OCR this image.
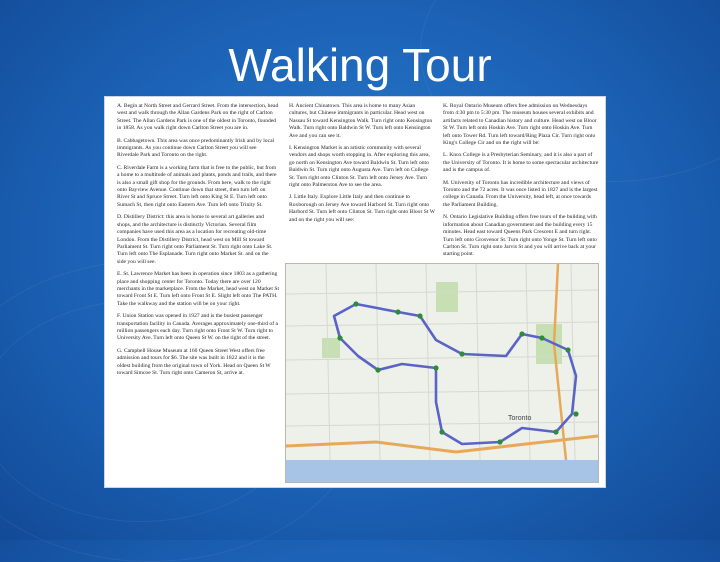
Walking Tour

A. Begin at North Street and Gerrard Street. From the intersection, head west and walk through the Allan Gardens Park on the right of Carlton Street. The Allan Gardens Park is one of the oldest in Toronto, founded in 1858. As you walk right down Carlton Street you are in.

B. Cabbagetown. This area was once predominantly Irish and by local immigrants. As you continue down Carlton Street you will see Riverdale Park and Toronto on the right.

C. Riverdale Farm is a working farm that is free to the public, but from a home to a multitude of animals and plants, ponds and trails, and there is also a small gift shop for the grounds. From here, walk to the right onto Bayview Avenue. Continue down that street, then turn left on River St and Spruce Street. Turn left onto King St E. Turn left onto Sumach St, then right onto Eastern Ave. Turn left onto Trinity St.

D. Distillery District: this area is home to several art galleries and shops, and the architecture is distinctly Victorian. Several film companies have used this area as a location for recreating old-time London. From the Distillery District, head west on Mill St toward Parliament St. Turn right onto Parliament St. Turn right onto Lake St. Turn left onto The Esplanade. Turn right onto Market St. and on the side you will see.

E. St. Lawrence Market has been in operation since 1803 as a gathering place and shopping center for Toronto. Today there are over 120 merchants in the marketplace. From the Market, head west on Market St toward Front St E. Turn left onto Front St E. Slight left onto The PATH. Take the walkway and the station will be on your right.

F. Union Station was opened in 1927 and is the busiest passenger transportation facility in Canada. Averages approximately one-third of a million passengers each day. Turn right onto Front St W. Turn right to University Ave. Turn left onto Queen St W. on the right of the street.

G. Campbell House Museum at 160 Queen Street West offers free admission and tours for $6. The site was built in 1822 and it is the oldest building from the original town of York. Head on Queen St W toward Simcoe St. Turn right onto Cameron St, arrive at.

H. Ancient Chinatown. This area is home to many Asian cultures, but Chinese immigrants in particular. Head west on Nassau St toward Kensington Walk. Turn right onto Kensington Walk. Turn right onto Baldwin St W. Turn left onto Kensington Ave and you can see it.

I. Kensington Market is an artistic community with several vendors and shops worth stopping in. After exploring this area, go north on Kensington Ave toward Baldwin St. Turn left onto Baldwin St. Turn right onto Augusta Ave. Turn left on College St. Turn right onto Clinton St. Turn left onto Jersey Ave. Turn right onto Palmerston Ave to see the area.

J. Little Italy. Explore Little Italy and then continue to Roxborough on Jersey Ave toward Harbord St. Turn right onto Harbord St. Turn left onto Clinton St. Turn right onto Bloor St W and on the right you will see:

K. Royal Ontario Museum offers free admission on Wednesdays from 4:30 pm to 5:30 pm. The museum houses several exhibits and artifacts related to Canadian history and culture. Head west on Bloor St W. Turn left onto Hoskin Ave. Turn right onto Hoskin Ave. Turn left onto Tower Rd. Turn left toward/Ring Plaza Cir. Turn right onto King's College Cir and on the right will be:

L. Knox College is a Presbyterian Seminary, and it is also a part of the University of Toronto. It is home to some spectacular architecture and is the campus of.

M. University of Toronto has incredible architecture and views of Toronto and the 72 acres. It was once listed in 1827 and is the largest college in Canada. From the University, head left, at once towards the Parliament Building.

N. Ontario Legislative Building offers free tours of the building with information about Canadian government and the building every 15 minutes. Head east toward Queens Park Crescent E and turn right. Turn left onto Grosvenor St. Turn right onto Yonge St. Turn left onto Carlton St. Turn right onto Jarvis St and you will arrive back at your starting point.

Toronto
